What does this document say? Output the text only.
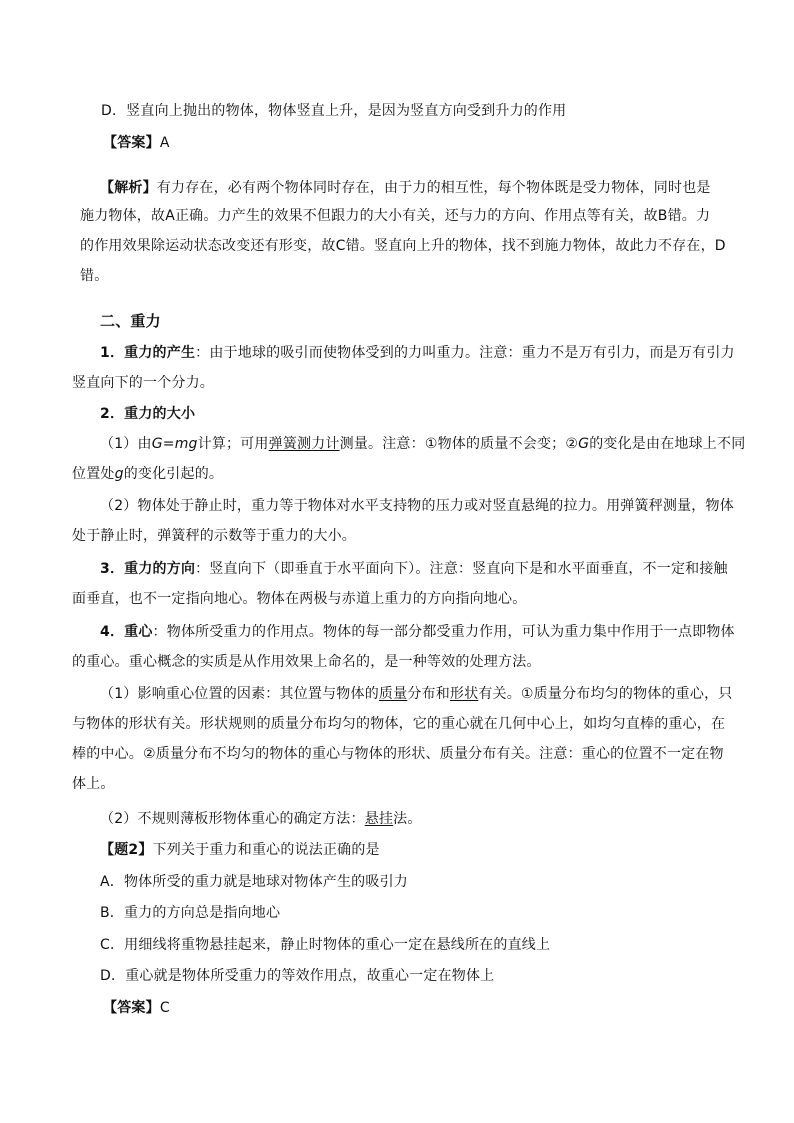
D．竖直向上抛出的物体，物体竖直上升，是因为竖直方向受到升力的作用
【答案】A
【解析】有力存在，必有两个物体同时存在，由于力的相互性，每个物体既是受力物体，同时也是
施力物体，故A正确。力产生的效果不但跟力的大小有关，还与力的方向、作用点等有关，故B错。力
的作用效果除运动状态改变还有形变，故C错。竖直向上升的物体，找不到施力物体，故此力不存在，D
错。
二、重力
1．重力的产生：由于地球的吸引而使物体受到的力叫重力。注意：重力不是万有引力，而是万有引力
竖直向下的一个分力。
2．重力的大小
（1）由G=mg计算；可用弹簧测力计测量。注意：①物体的质量不会变；②G的变化是由在地球上不同
位置处g的变化引起的。
（2）物体处于静止时，重力等于物体对水平支持物的压力或对竖直悬绳的拉力。用弹簧秤测量，物体
处于静止时，弹簧秤的示数等于重力的大小。
3．重力的方向：竖直向下（即垂直于水平面向下）。注意：竖直向下是和水平面垂直，不一定和接触
面垂直，也不一定指向地心。物体在两极与赤道上重力的方向指向地心。
4．重心：物体所受重力的作用点。物体的每一部分都受重力作用，可认为重力集中作用于一点即物体
的重心。重心概念的实质是从作用效果上命名的，是一种等效的处理方法。
（1）影响重心位置的因素：其位置与物体的质量分布和形状有关。①质量分布均匀的物体的重心，只
与物体的形状有关。形状规则的质量分布均匀的物体，它的重心就在几何中心上，如均匀直棒的重心，在
棒的中心。②质量分布不均匀的物体的重心与物体的形状、质量分布有关。注意：重心的位置不一定在物
体上。
（2）不规则薄板形物体重心的确定方法：悬挂法。
【题2】下列关于重力和重心的说法正确的是
A．物体所受的重力就是地球对物体产生的吸引力
B．重力的方向总是指向地心
C．用细线将重物悬挂起来，静止时物体的重心一定在悬线所在的直线上
D．重心就是物体所受重力的等效作用点，故重心一定在物体上
【答案】C
